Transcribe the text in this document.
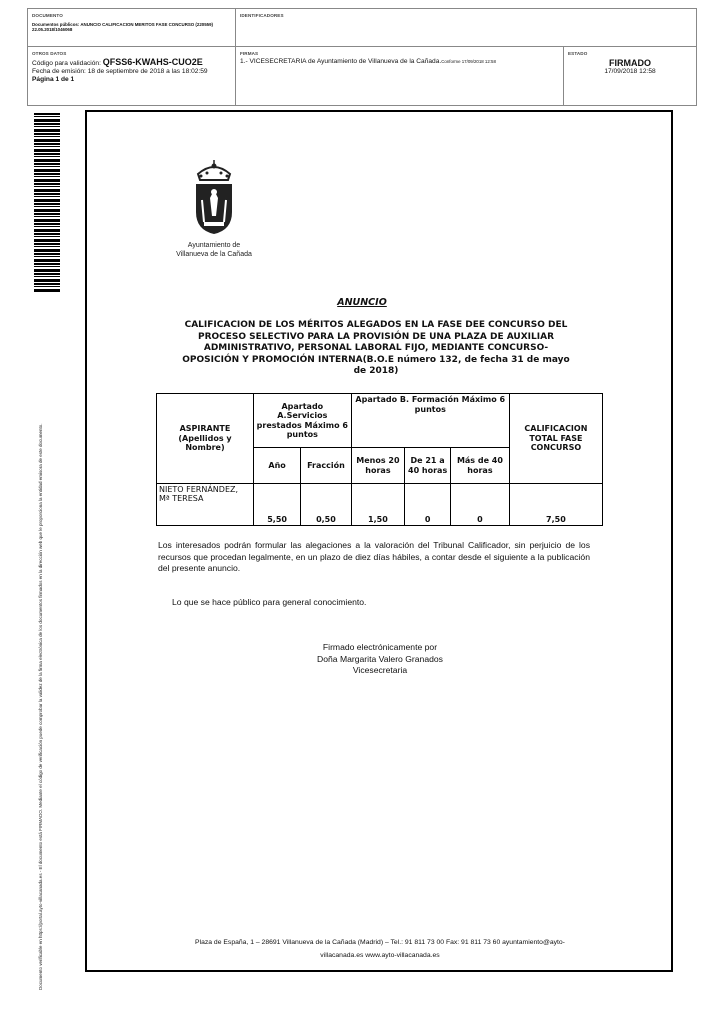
DOCUMENTO
Documentos públicos: ANUNCIO CALIFICACION MERITOS FASE CONCURSO (220559) 22.05.2018/1046068
IDENTIFICADORES
OTROS DATOS
Código para validación: QFSS6-KWAHS-CUO2E
Fecha de emisión: 18 de septiembre de 2018 a las 18:02:59
Página 1 de 1
FIRMAS
1.- VICESECRETARIA de Ayuntamiento de Villanueva de la Cañada.Conforme 17/09/2018 12:58
ESTADO
FIRMADO
17/09/2018 12:58
Documento verificable en https://portal.ayto-villacanada.es - El documento está FIRMADO. Mediante el código de verificación puede comprobar la validez de la firma electrónica de los documentos firmados en la dirección web que le proporciona la entidad emisora de este documento.
Ayuntamiento de
Villanueva de la Cañada
ANUNCIO
CALIFICACION DE LOS MÉRITOS ALEGADOS EN LA FASE DEE CONCURSO DEL PROCESO SELECTIVO PARA LA PROVISIÓN DE UNA PLAZA DE AUXILIAR ADMINISTRATIVO, PERSONAL LABORAL FIJO, MEDIANTE CONCURSO-OPOSICIÓN Y PROMOCIÓN INTERNA(B.O.E número 132, de fecha 31 de mayo de 2018)
ASPIRANTE (Apellidos y Nombre)	Apartado A.Servicios prestados Máximo 6 puntos		Apartado B. Formación Máximo 6 puntos			CALIFICACION TOTAL FASE CONCURSO
	Año	Fracción	Menos 20 horas	De 21 a 40 horas	Más de 40 horas	
NIETO FERNÁNDEZ, Mª TERESA	5,50	0,50	1,50	0	0	7,50
Los interesados podrán formular las alegaciones a la valoración del Tribunal Calificador, sin perjuicio de los recursos que procedan legalmente, en un plazo de diez días hábiles, a contar desde el siguiente a la publicación del presente anuncio.
Lo que se hace público para general conocimiento.
Firmado electrónicamente por
Doña Margarita Valero Granados
Vicesecretaria
Plaza de España, 1 – 28691 Villanueva de la Cañada (Madrid) – Tel.: 91 811 73 00 Fax: 91 811 73 60 ayuntamiento@ayto-
villacanada.es www.ayto-villacanada.es
